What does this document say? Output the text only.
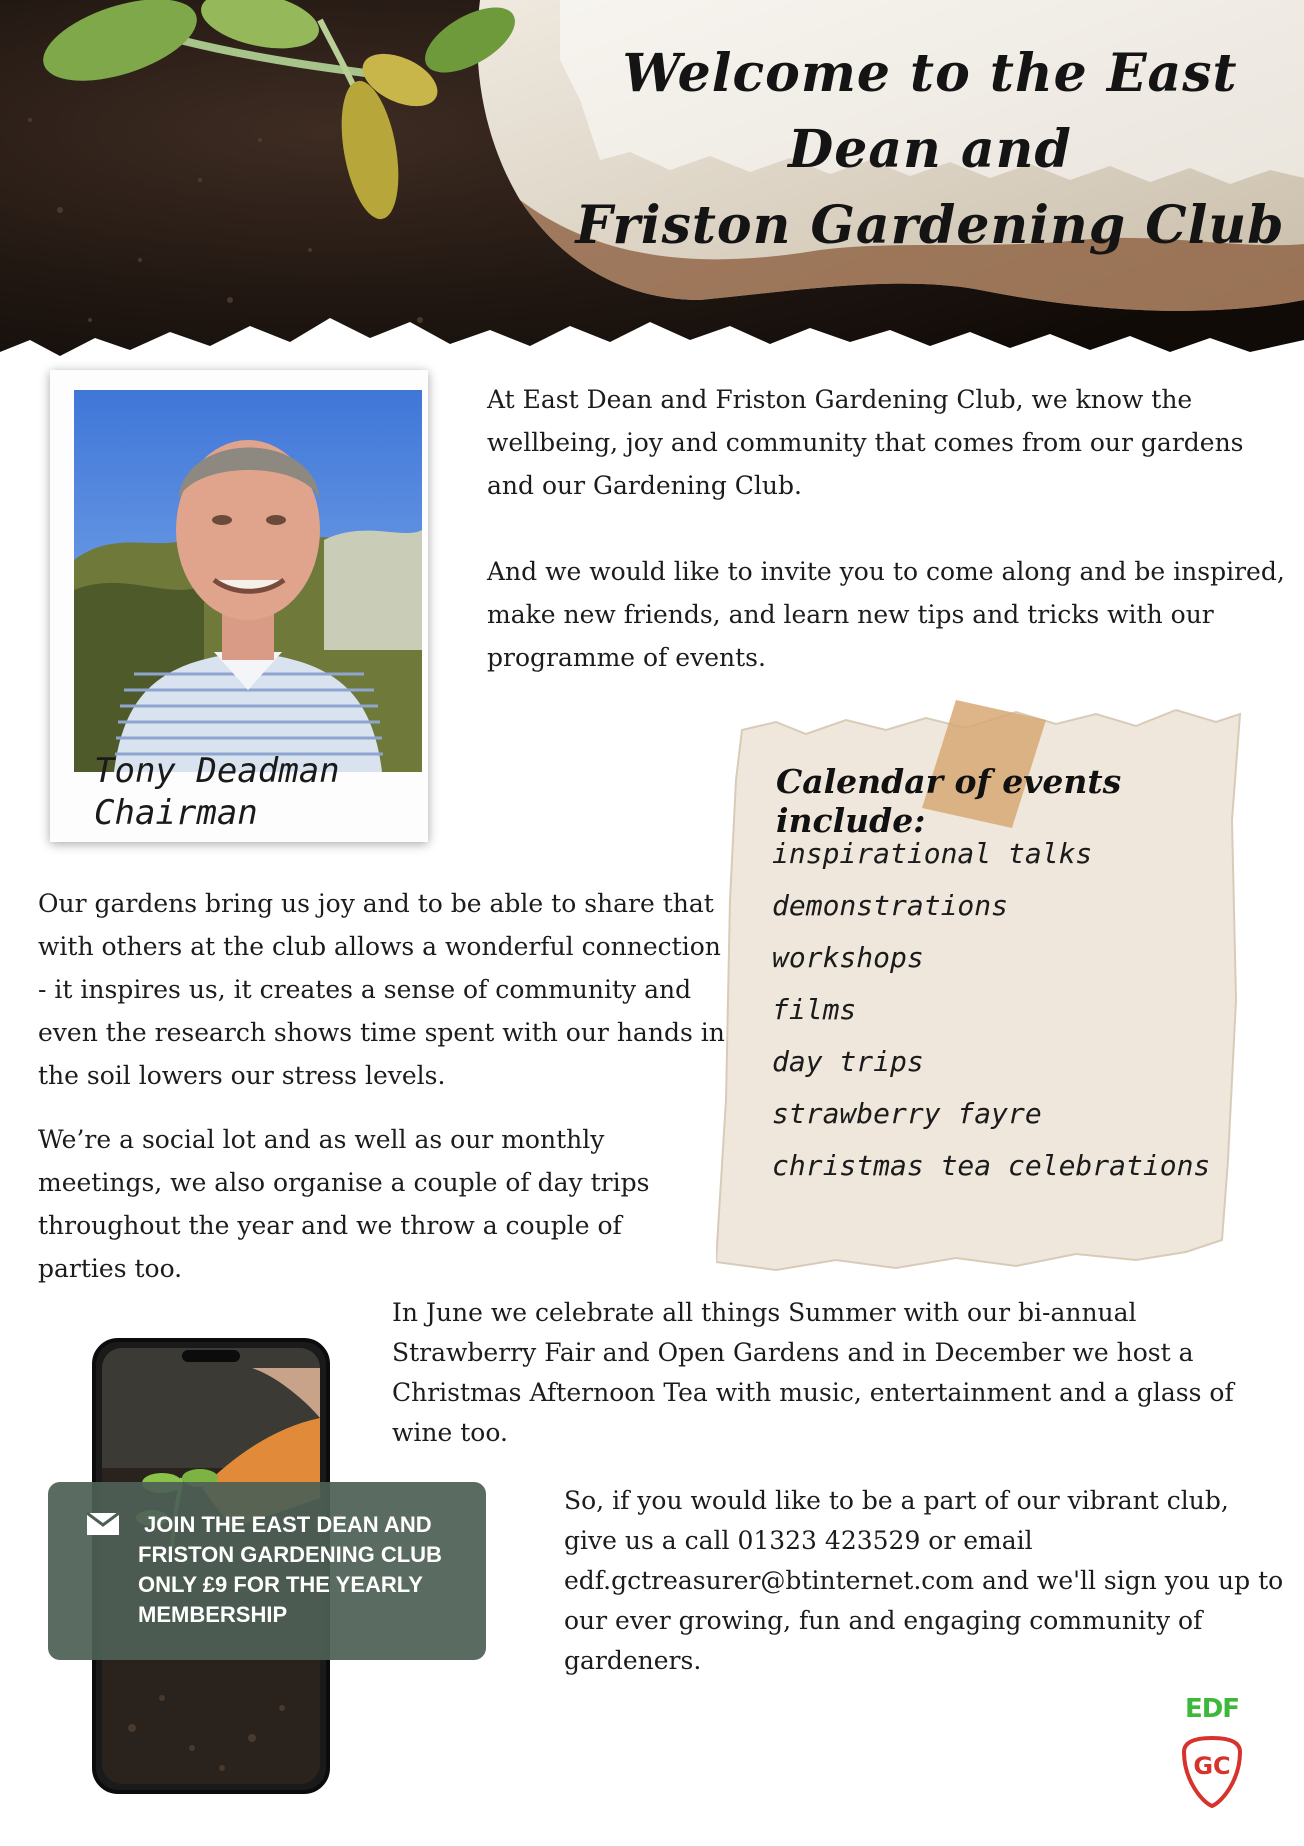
Welcome to the East Dean and
Friston Gardening Club

At East Dean and Friston Gardening Club, we know the wellbeing, joy and community that comes from our gardens and our Gardening Club.

And we would like to invite you to come along and be inspired, make new friends, and learn new tips and tricks with our programme of events.

Tony Deadman
Chairman
Calendar of events include:
inspirational talks
demonstrations
workshops
films
day trips
strawberry fayre
christmas tea celebrations

Our gardens bring us joy and to be able to share that with others at the club allows a wonderful connection - it inspires us, it creates a sense of community and even the research shows time spent with our hands in the soil lowers our stress levels.

We’re a social lot and as well as our monthly meetings, we also organise a couple of day trips throughout the year and we throw a couple of parties too.

In June we celebrate all things Summer with our bi-annual Strawberry Fair and Open Gardens and in December we host a Christmas Afternoon Tea with music, entertainment and a glass of wine too.

So, if you would like to be a part of our vibrant club, give us a call 01323 423529 or email edf.gctreasurer@btinternet.com and we'll sign you up to our ever growing, fun and engaging community of gardeners.

JOIN THE EAST DEAN AND
FRISTON GARDENING CLUB
ONLY £9 FOR THE YEARLY
MEMBERSHIP
EDF
GC
